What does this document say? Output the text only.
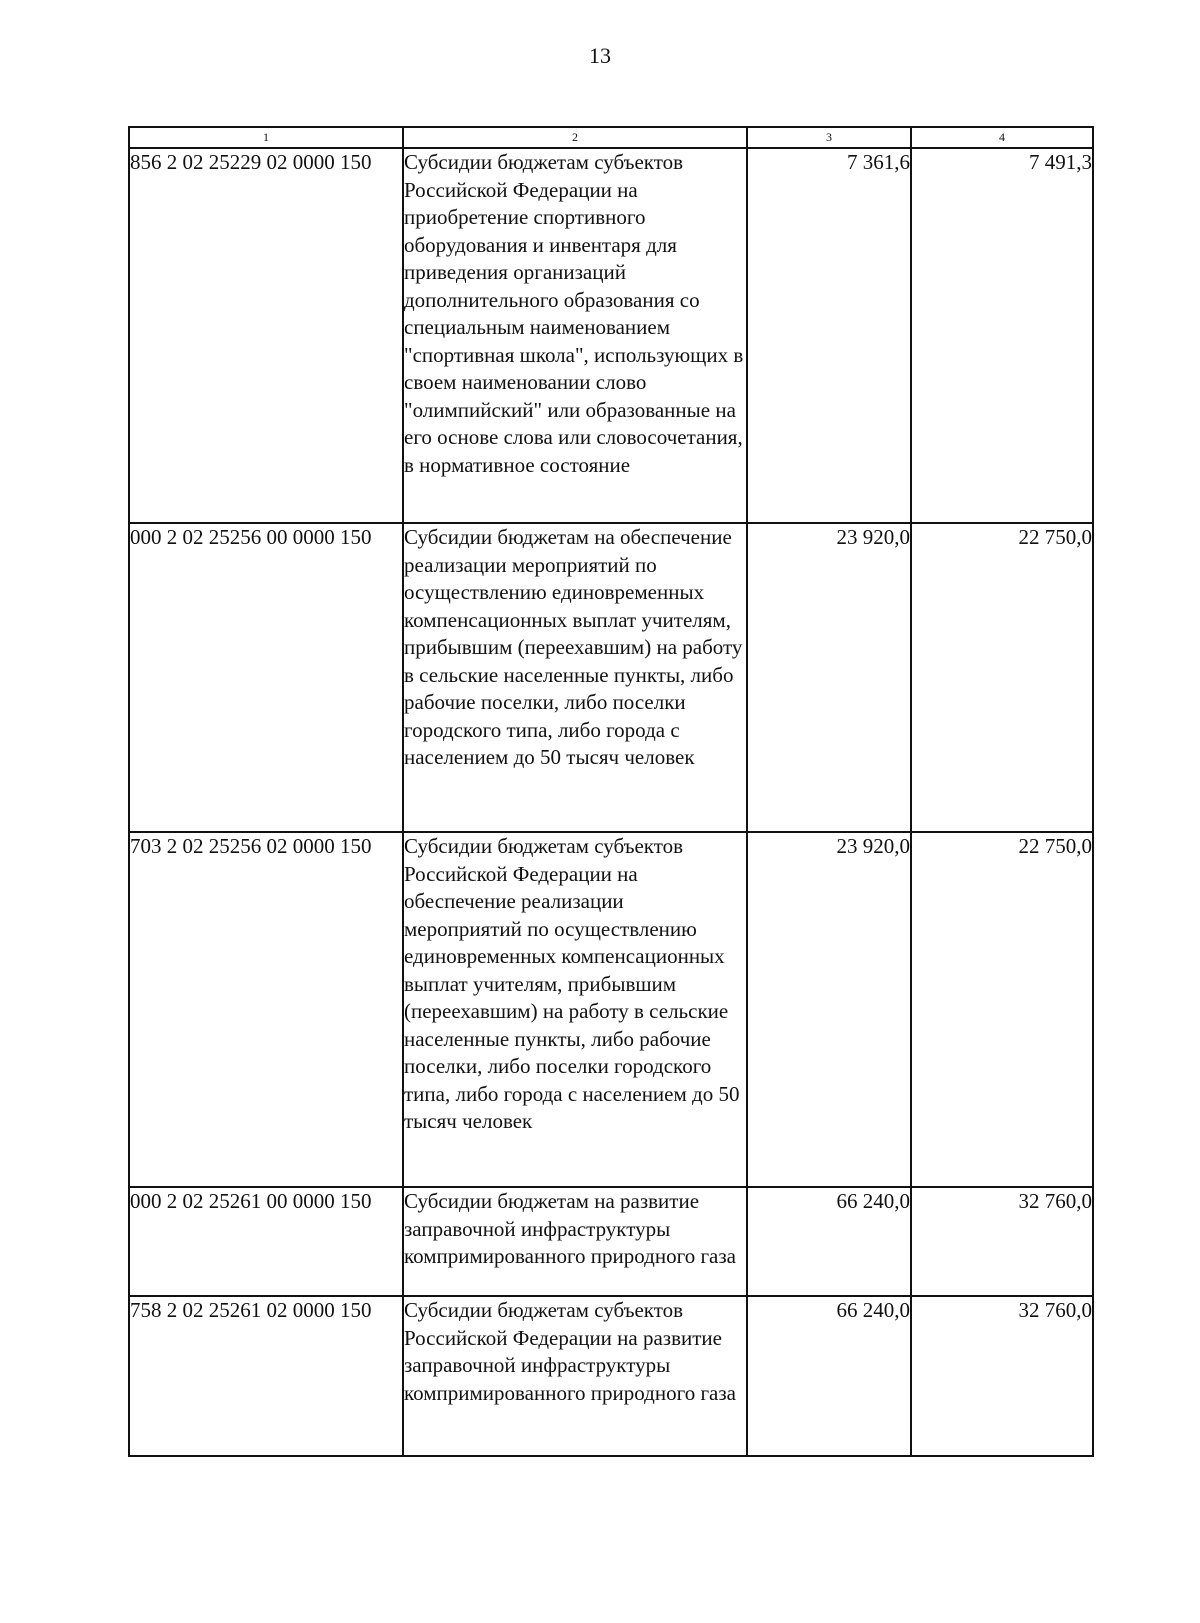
13
1	2	3	4
856 2 02 25229 02 0000 150	Субсидии бюджетам субъектов Российской Федерации на приобретение спортивного оборудования и инвентаря для приведения организаций дополнительного образования со специальным наименованием "спортивная школа", использующих в своем наименовании слово "олимпийский" или образованные на его основе слова или словосочетания, в нормативное состояние	7 361,6	7 491,3
000 2 02 25256 00 0000 150	Субсидии бюджетам на обеспечение реализации мероприятий по осуществлению единовременных компенсационных выплат учителям, прибывшим (переехавшим) на работу в сельские населенные пункты, либо рабочие поселки, либо поселки городского типа, либо города с населением до 50 тысяч человек	23 920,0	22 750,0
703 2 02 25256 02 0000 150	Субсидии бюджетам субъектов Российской Федерации на обеспечение реализации мероприятий по осуществлению единовременных компенсационных выплат учителям, прибывшим (переехавшим) на работу в сельские населенные пункты, либо рабочие поселки, либо поселки городского типа, либо города с населением до 50 тысяч человек	23 920,0	22 750,0
000 2 02 25261 00 0000 150	Субсидии бюджетам на развитие заправочной инфраструктуры компримированного природного газа	66 240,0	32 760,0
758 2 02 25261 02 0000 150	Субсидии бюджетам субъектов Российской Федерации на развитие заправочной инфраструктуры компримированного природного газа	66 240,0	32 760,0
